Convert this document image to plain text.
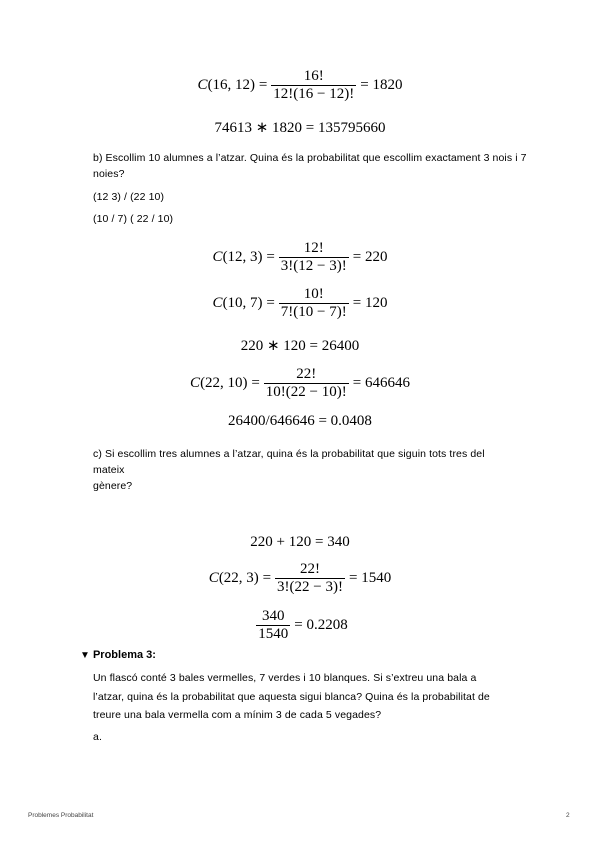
C (16, $12) = \frac{16!}{12!(16 - 12)!} = 1820$
74613 ∗ 1820 = 135795660
b) Escollim 10 alumnes a l’atzar. Quina és la probabilitat que escollim exactament 3 nois i 7 noies?
(12 3) / (22 10)
(10 / 7) ( 22 / 10)
C (12, $3) = \frac{12!}{3!(12 - 3)!} = 220$
C (10, $7) = \frac{10!}{7!(10 - 7)!} = 120$
220 ∗ 120 = 26400
C (22, $10) = \frac{22!}{10!(22 - 10)!} = 646646$
26400/646646 = 0.0408
c) Si escollim tres alumnes a l’atzar, quina és la probabilitat que siguin tots tres del
mateix
gènere?
220 + 120 = 340
C (22, $3) = \frac{22!}{3!(22 - 3)!} = 1540$
$\frac{340}{1540} = 0.2208$
▼ Problema 3:
Un flascó conté 3 bales vermelles, 7 verdes i 10 blanques. Si s’extreu una bala a
l’atzar, quina és la probabilitat que aquesta sigui blanca? Quina és la probabilitat de
treure una bala vermella com a mínim 3 de cada 5 vegades?
a.
Problemes Probabilitat	2
